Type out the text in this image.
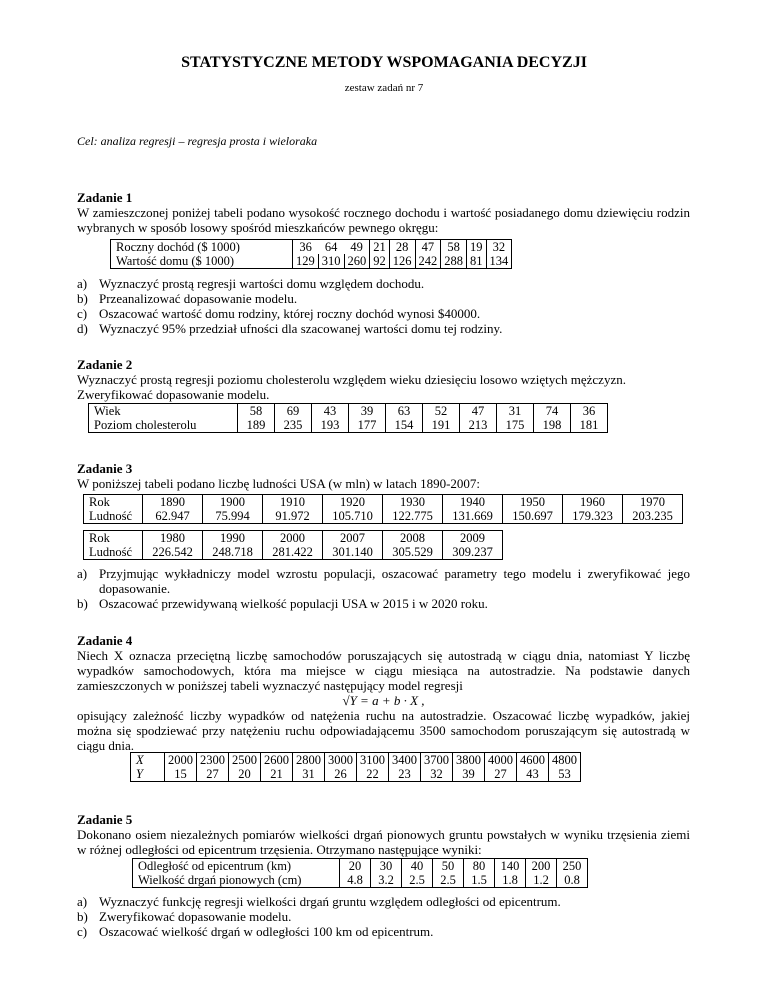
STATYSTYCZNE METODY WSPOMAGANIA DECYZJI
zestaw zadań nr 7
Cel: analiza regresji – regresja prosta i wieloraka

Zadanie 1

W zamieszczonej poniżej tabeli podano wysokość rocznego dochodu i wartość posiadanego domu dziewięciu rodzin wybranych w sposób losowy spośród mieszkańców pewnego okręgu:

Roczny dochód ($ 1000)	36	64	49	21	28	47	58	19	32
Wartość domu ($ 1000)	129	310	260	92	126	242	288	81	134
a) Wyznaczyć prostą regresji wartości domu względem dochodu.
b) Przeanalizować dopasowanie modelu.
c) Oszacować wartość domu rodziny, której roczny dochód wynosi $40000.
d) Wyznaczyć 95% przedział ufności dla szacowanej wartości domu tej rodziny.

Zadanie 2

Wyznaczyć prostą regresji poziomu cholesterolu względem wieku dziesięciu losowo wziętych mężczyzn.

Zweryfikować dopasowanie modelu.

Wiek	58	69	43	39	63	52	47	31	74	36
Poziom cholesterolu	189	235	193	177	154	191	213	175	198	181

Zadanie 3

W poniższej tabeli podano liczbę ludności USA (w mln) w latach 1890-2007:

Rok	1890	1900	1910	1920	1930	1940	1950	1960	1970
Ludność	62.947	75.994	91.972	105.710	122.775	131.669	150.697	179.323	203.235
Rok	1980	1990	2000	2007	2008	2009
Ludność	226.542	248.718	281.422	301.140	305.529	309.237
a) Przyjmując wykładniczy model wzrostu populacji, oszacować parametry tego modelu i zweryfikować jego dopasowanie.
b) Oszacować przewidywaną wielkość populacji USA w 2015 i w 2020 roku.

Zadanie 4

Niech X oznacza przeciętną liczbę samochodów poruszających się autostradą w ciągu dnia, natomiast Y liczbę wypadków samochodowych, która ma miejsce w ciągu miesiąca na autostradzie. Na podstawie danych zamieszczonych w poniższej tabeli wyznaczyć następujący model regresji

√Y = a + b · X ,

opisujący zależność liczby wypadków od natężenia ruchu na autostradzie. Oszacować liczbę wypadków, jakiej można się spodziewać przy natężeniu ruchu odpowiadającemu 3500 samochodom poruszającym się autostradą w ciągu dnia.

X	2000	2300	2500	2600	2800	3000	3100	3400	3700	3800	4000	4600	4800
Y	15	27	20	21	31	26	22	23	32	39	27	43	53

Zadanie 5

Dokonano osiem niezależnych pomiarów wielkości drgań pionowych gruntu powstałych w wyniku trzęsienia ziemi w różnej odległości od epicentrum trzęsienia. Otrzymano następujące wyniki:

Odległość od epicentrum (km)	20	30	40	50	80	140	200	250
Wielkość drgań pionowych (cm)	4.8	3.2	2.5	2.5	1.5	1.8	1.2	0.8
a) Wyznaczyć funkcję regresji wielkości drgań gruntu względem odległości od epicentrum.
b) Zweryfikować dopasowanie modelu.
c) Oszacować wielkość drgań w odległości 100 km od epicentrum.
